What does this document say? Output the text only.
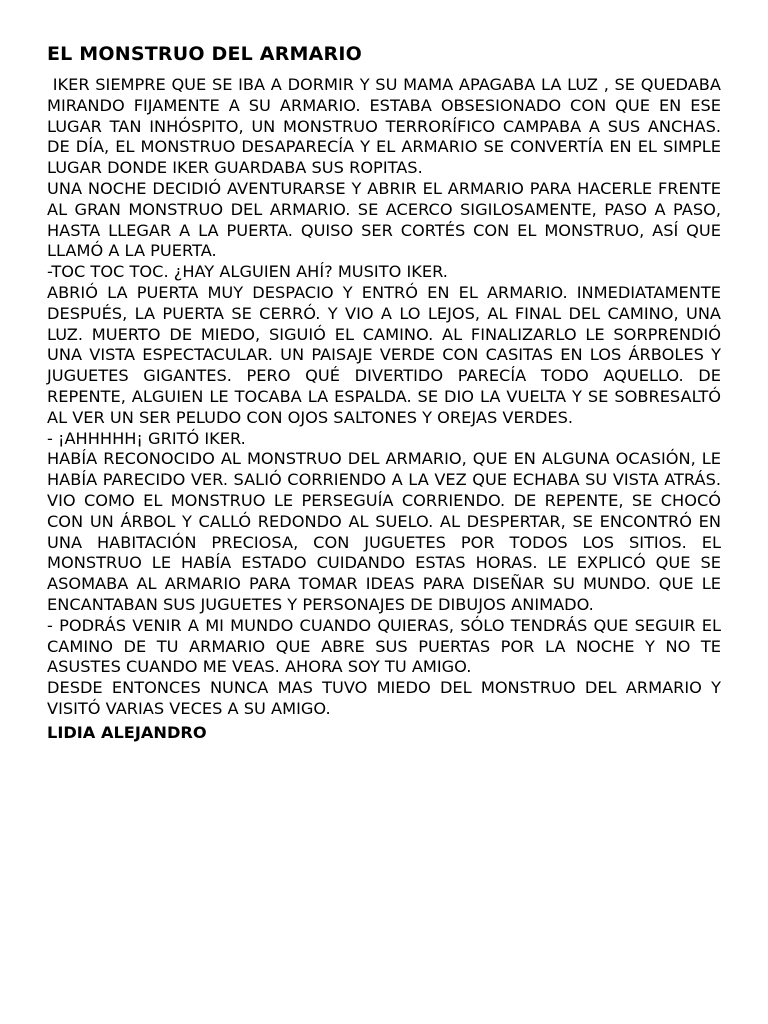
EL MONSTRUO DEL ARMARIO

IKER SIEMPRE QUE SE IBA A DORMIR Y SU MAMA APAGABA LA LUZ , SE QUEDABA MIRANDO FIJAMENTE A SU ARMARIO. ESTABA OBSESIONADO CON QUE EN ESE LUGAR TAN INHÓSPITO, UN MONSTRUO TERRORÍFICO CAMPABA A SUS ANCHAS. DE DÍA, EL MONSTRUO DESAPARECÍA Y EL ARMARIO SE CONVERTÍA EN EL SIMPLE LUGAR DONDE IKER GUARDABA SUS ROPITAS.

UNA NOCHE DECIDIÓ AVENTURARSE Y ABRIR EL ARMARIO PARA HACERLE FRENTE AL GRAN MONSTRUO DEL ARMARIO. SE ACERCO SIGILOSAMENTE, PASO A PASO, HASTA LLEGAR A LA PUERTA. QUISO SER CORTÉS CON EL MONSTRUO, ASÍ QUE LLAMÓ A LA PUERTA.

-TOC TOC TOC. ¿HAY ALGUIEN AHÍ? MUSITO IKER.

ABRIÓ LA PUERTA MUY DESPACIO Y ENTRÓ EN EL ARMARIO. INMEDIATAMENTE DESPUÉS, LA PUERTA SE CERRÓ. Y VIO A LO LEJOS, AL FINAL DEL CAMINO, UNA LUZ. MUERTO DE MIEDO, SIGUIÓ EL CAMINO. AL FINALIZARLO LE SORPRENDIÓ UNA VISTA ESPECTACULAR. UN PAISAJE VERDE CON CASITAS EN LOS ÁRBOLES Y JUGUETES GIGANTES. PERO QUÉ DIVERTIDO PARECÍA TODO AQUELLO. DE REPENTE, ALGUIEN LE TOCABA LA ESPALDA. SE DIO LA VUELTA Y SE SOBRESALTÓ AL VER UN SER PELUDO CON OJOS SALTONES Y OREJAS VERDES.

- ¡AHHHHH¡ GRITÓ IKER.

HABÍA RECONOCIDO AL MONSTRUO DEL ARMARIO, QUE EN ALGUNA OCASIÓN, LE HABÍA PARECIDO VER. SALIÓ CORRIENDO A LA VEZ QUE ECHABA SU VISTA ATRÁS. VIO COMO EL MONSTRUO LE PERSEGUÍA CORRIENDO. DE REPENTE, SE CHOCÓ CON UN ÁRBOL Y CALLÓ REDONDO AL SUELO. AL DESPERTAR, SE ENCONTRÓ EN UNA HABITACIÓN PRECIOSA, CON JUGUETES POR TODOS LOS SITIOS. EL MONSTRUO LE HABÍA ESTADO CUIDANDO ESTAS HORAS. LE EXPLICÓ QUE SE ASOMABA AL ARMARIO PARA TOMAR IDEAS PARA DISEÑAR SU MUNDO. QUE LE ENCANTABAN SUS JUGUETES Y PERSONAJES DE DIBUJOS ANIMADO.

- PODRÁS VENIR A MI MUNDO CUANDO QUIERAS, SÓLO TENDRÁS QUE SEGUIR EL CAMINO DE TU ARMARIO QUE ABRE SUS PUERTAS POR LA NOCHE Y NO TE ASUSTES CUANDO ME VEAS. AHORA SOY TU AMIGO.

DESDE ENTONCES NUNCA MAS TUVO MIEDO DEL MONSTRUO DEL ARMARIO Y VISITÓ VARIAS VECES A SU AMIGO.

LIDIA ALEJANDRO
